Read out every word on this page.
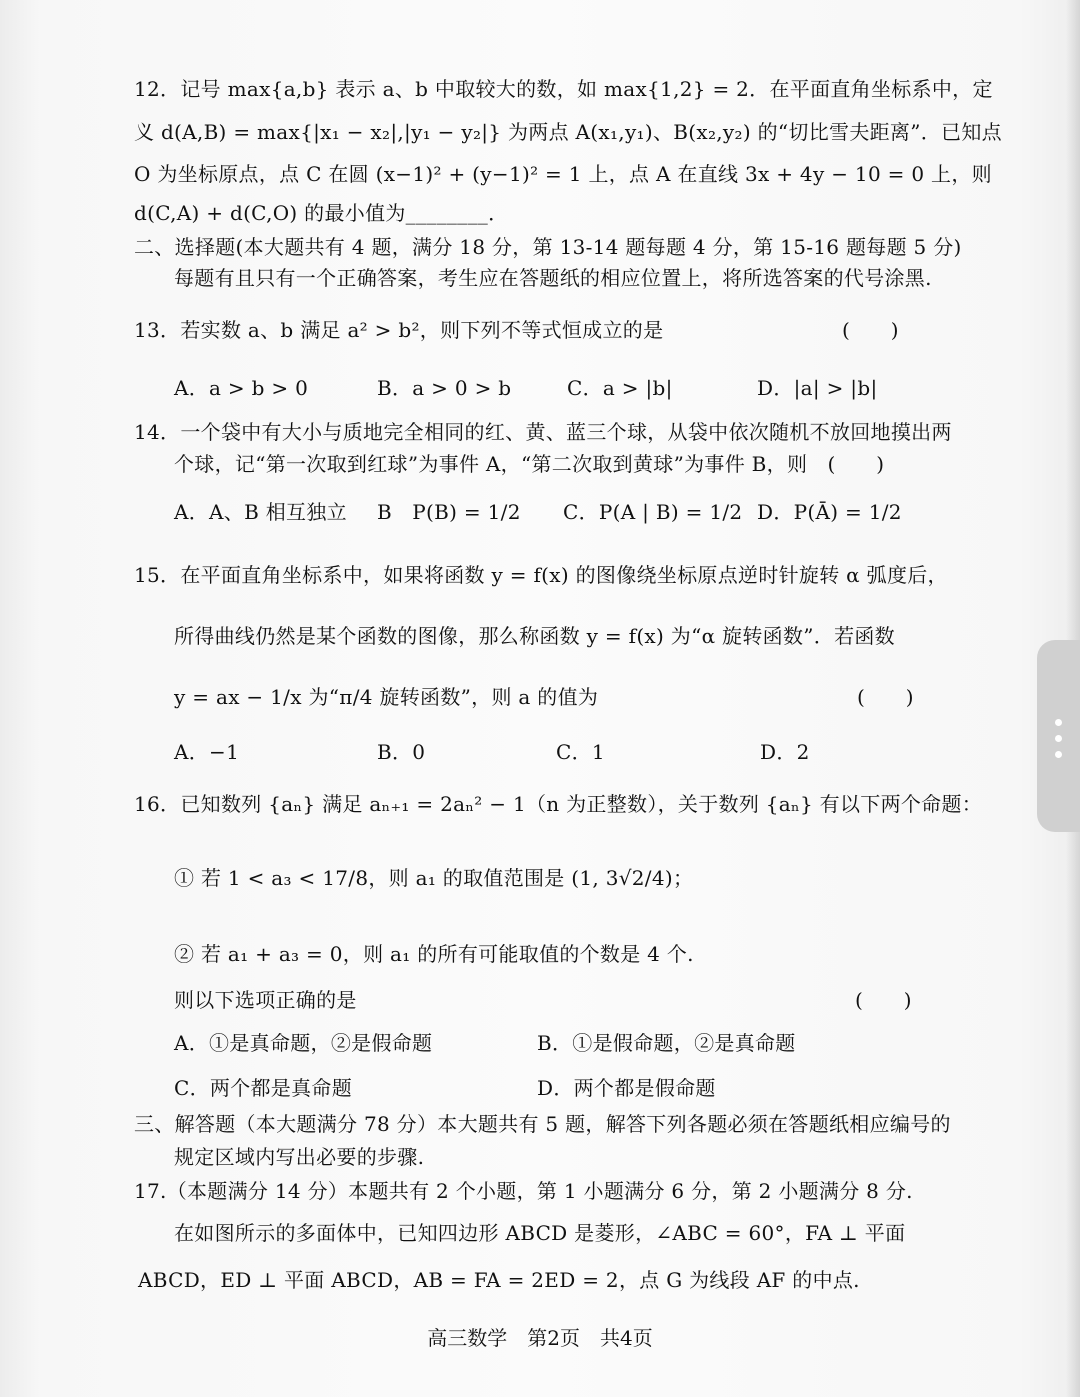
12．记号 max{a,b} 表示 a、b 中取较大的数，如 max{1,2} = 2．在平面直角坐标系中，定
义 d(A,B) = max{|x₁ − x₂|,|y₁ − y₂|} 为两点 A(x₁,y₁)、B(x₂,y₂) 的“切比雪夫距离”．已知点
O 为坐标原点，点 C 在圆 (x−1)² + (y−1)² = 1 上，点 A 在直线 3x + 4y − 10 = 0 上，则
d(C,A) + d(C,O) 的最小值为________．
二、选择题(本大题共有 4 题，满分 18 分，第 13-14 题每题 4 分，第 15-16 题每题 5 分)
每题有且只有一个正确答案，考生应在答题纸的相应位置上，将所选答案的代号涂黑.
13．若实数 a、b 满足 a² > b²，则下列不等式恒成立的是	(　　)
A．a > b > 0	B．a > 0 > b	C．a > |b|	D．|a| > |b|
14．一个袋中有大小与质地完全相同的红、黄、蓝三个球，从袋中依次随机不放回地摸出两
个球，记“第一次取到红球”为事件 A，“第二次取到黄球”为事件 B，则　(　　)
A．A、B 相互独立 B　P(B) = 1/2 C．P(A | B) = 1/2 D．P(Ā) = 1/2
15．在平面直角坐标系中，如果将函数 y = f(x) 的图像绕坐标原点逆时针旋转 α 弧度后，
所得曲线仍然是某个函数的图像，那么称函数 y = f(x) 为“α 旋转函数”．若函数
y = ax − 1/x 为“π/4 旋转函数”，则 a 的值为	(　　)
A．−1	B．0	C．1	D．2
16．已知数列 {aₙ} 满足 aₙ₊₁ = 2aₙ² − 1（n 为正整数），关于数列 {aₙ} 有以下两个命题：
① 若 1 < a₃ < 17/8，则 a₁ 的取值范围是 (1, 3√2/4)；
② 若 a₁ + a₃ = 0，则 a₁ 的所有可能取值的个数是 4 个.
则以下选项正确的是	(　　)
A．①是真命题，②是假命题	B．①是假命题，②是真命题
C．两个都是真命题	D．两个都是假命题
三、解答题（本大题满分 78 分）本大题共有 5 题，解答下列各题必须在答题纸相应编号的
规定区域内写出必要的步骤.
17.（本题满分 14 分）本题共有 2 个小题，第 1 小题满分 6 分，第 2 小题满分 8 分.
在如图所示的多面体中，已知四边形 ABCD 是菱形，∠ABC = 60°，FA ⊥ 平面
ABCD，ED ⊥ 平面 ABCD，AB = FA = 2ED = 2，点 G 为线段 AF 的中点.
高三数学　第2页　共4页
